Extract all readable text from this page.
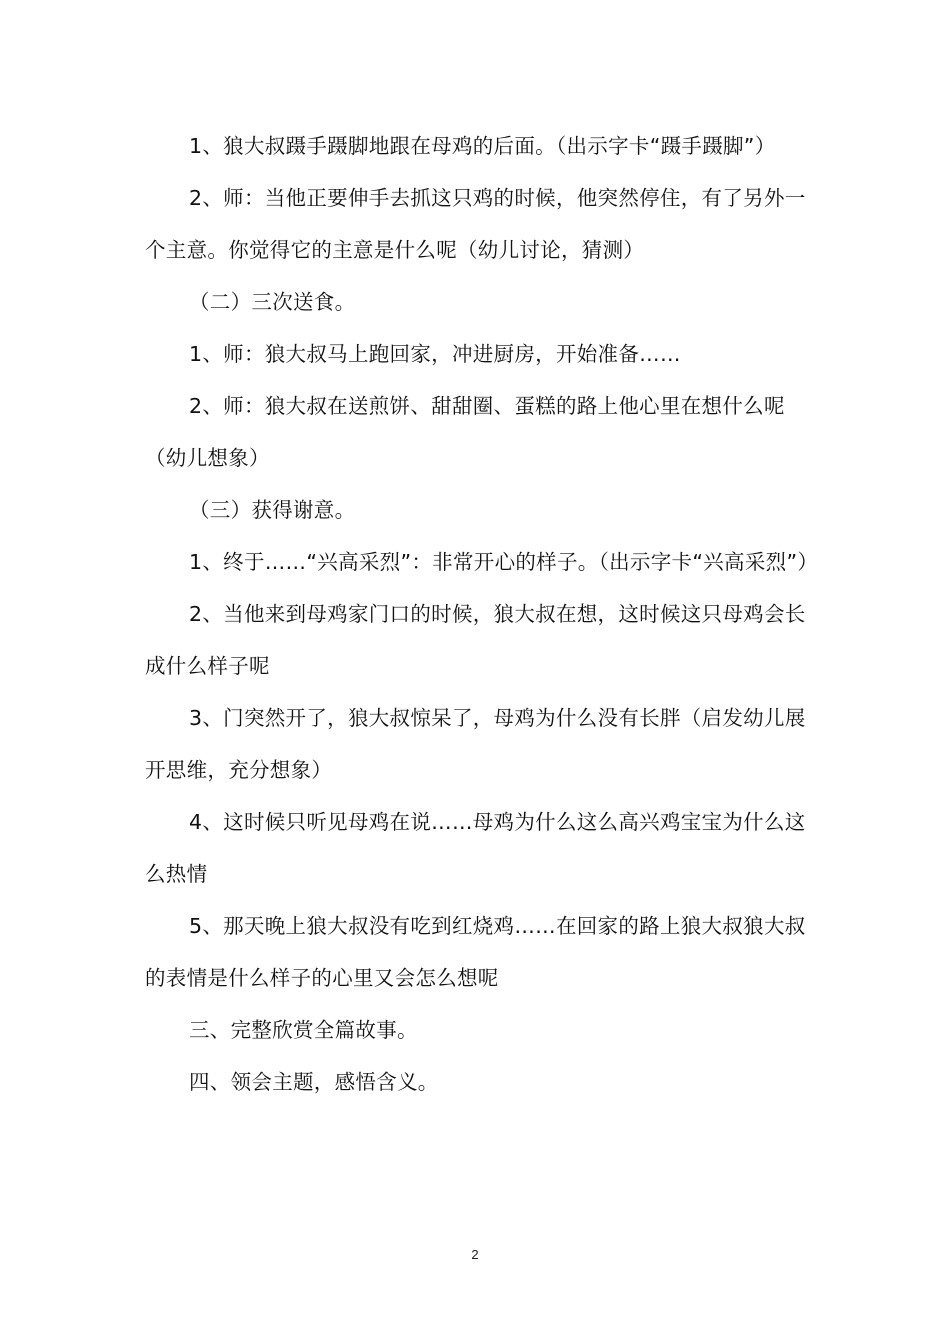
1、狼大叔蹑手蹑脚地跟在母鸡的后面。（出示字卡“蹑手蹑脚”）

2、师：当他正要伸手去抓这只鸡的时候，他突然停住，有了另外一个主意。你觉得它的主意是什么呢（幼儿讨论，猜测）

（二）三次送食。

1、师：狼大叔马上跑回家，冲进厨房，开始准备……

2、师：狼大叔在送煎饼、甜甜圈、蛋糕的路上他心里在想什么呢（幼儿想象）

（三）获得谢意。

1、终于……“兴高采烈”：非常开心的样子。（出示字卡“兴高采烈”）

2、当他来到母鸡家门口的时候，狼大叔在想，这时候这只母鸡会长成什么样子呢

3、门突然开了，狼大叔惊呆了，母鸡为什么没有长胖（启发幼儿展开思维，充分想象）

4、这时候只听见母鸡在说……母鸡为什么这么高兴鸡宝宝为什么这么热情

5、那天晚上狼大叔没有吃到红烧鸡……在回家的路上狼大叔狼大叔的表情是什么样子的心里又会怎么想呢

三、完整欣赏全篇故事。

四、领会主题，感悟含义。

2
